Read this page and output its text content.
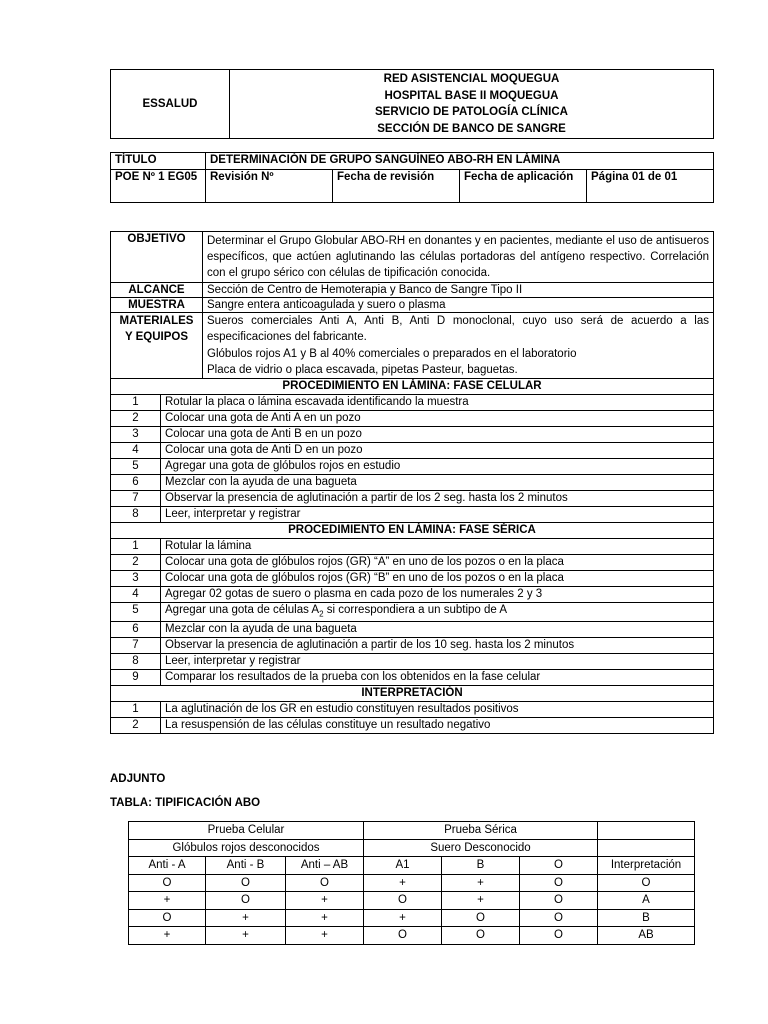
ESSALUD	
RED ASISTENCIAL MOQUEGUA
HOSPITAL BASE II MOQUEGUA
SERVICIO DE PATOLOGÍA CLÍNICA
SECCIÓN DE BANCO DE SANGRE
TÍTULO	DETERMINACIÓN DE GRUPO SANGUÍNEO ABO-RH EN LÁMINA			
POE Nº 1 EG05	Revisión Nº	Fecha de revisión	Fecha de aplicación	Página 01 de 01
OBJETIVO		Determinar el Grupo Globular ABO-RH en donantes y en pacientes, mediante el uso de antisueros específicos, que actúen aglutinando las células portadoras del antígeno respectivo. Correlación con el grupo sérico con células de tipificación conocida.
ALCANCE		Sección de Centro de Hemoterapia y Banco de Sangre Tipo II
MUESTRA		Sangre entera anticoagulada y suero o plasma
MATERIALES Y EQUIPOS		Sueros comerciales Anti A, Anti B, Anti D monoclonal, cuyo uso será de acuerdo a las especificaciones del fabricante.
Glóbulos rojos A1 y B al 40% comerciales o preparados en el laboratorio
Placa de vidrio o placa escavada, pipetas Pasteur, baguetas.

PROCEDIMIENTO EN LÁMINA: FASE CELULAR		
1	Rotular la placa o lámina escavada identificando la muestra	
2	Colocar una gota de Anti A en un pozo	
3	Colocar una gota de Anti B en un pozo	
4	Colocar una gota de Anti D en un pozo	
5	Agregar una gota de glóbulos rojos en estudio	
6	Mezclar con la ayuda de una bagueta	
7	Observar la presencia de aglutinación a partir de los 2 seg. hasta los 2 minutos	
8	Leer, interpretar y registrar	
PROCEDIMIENTO EN LÁMINA: FASE SÉRICA		
1	Rotular la lámina	
2	Colocar una gota de glóbulos rojos (GR) “A” en uno de los pozos o en la placa	
3	Colocar una gota de glóbulos rojos (GR) “B” en uno de los pozos o en la placa	
4	Agregar 02 gotas de suero o plasma en cada pozo de los numerales 2 y 3	
5	Agregar una gota de células $A_2$ si correspondiera a un subtipo de A	
6	Mezclar con la ayuda de una bagueta	
7	Observar la presencia de aglutinación a partir de los 10 seg. hasta los 2 minutos	
8	Leer, interpretar y registrar	
9	Comparar los resultados de la prueba con los obtenidos en la fase celular	
INTERPRETACIÓN		
1	La aglutinación de los GR en estudio constituyen resultados positivos	
2	La resuspensión de las células constituye un resultado negativo	
ADJUNTO
TABLA: TIPIFICACIÓN ABO
Prueba Celular			Prueba Sérica			
Glóbulos rojos desconocidos			Suero Desconocido			
Anti - A	Anti - B	Anti – AB	A1	B	O	Interpretación
O	O	O	+	+	O	O
+	O	+	O	+	O	A
O	+	+	+	O	O	B
+	+	+	O	O	O	AB
